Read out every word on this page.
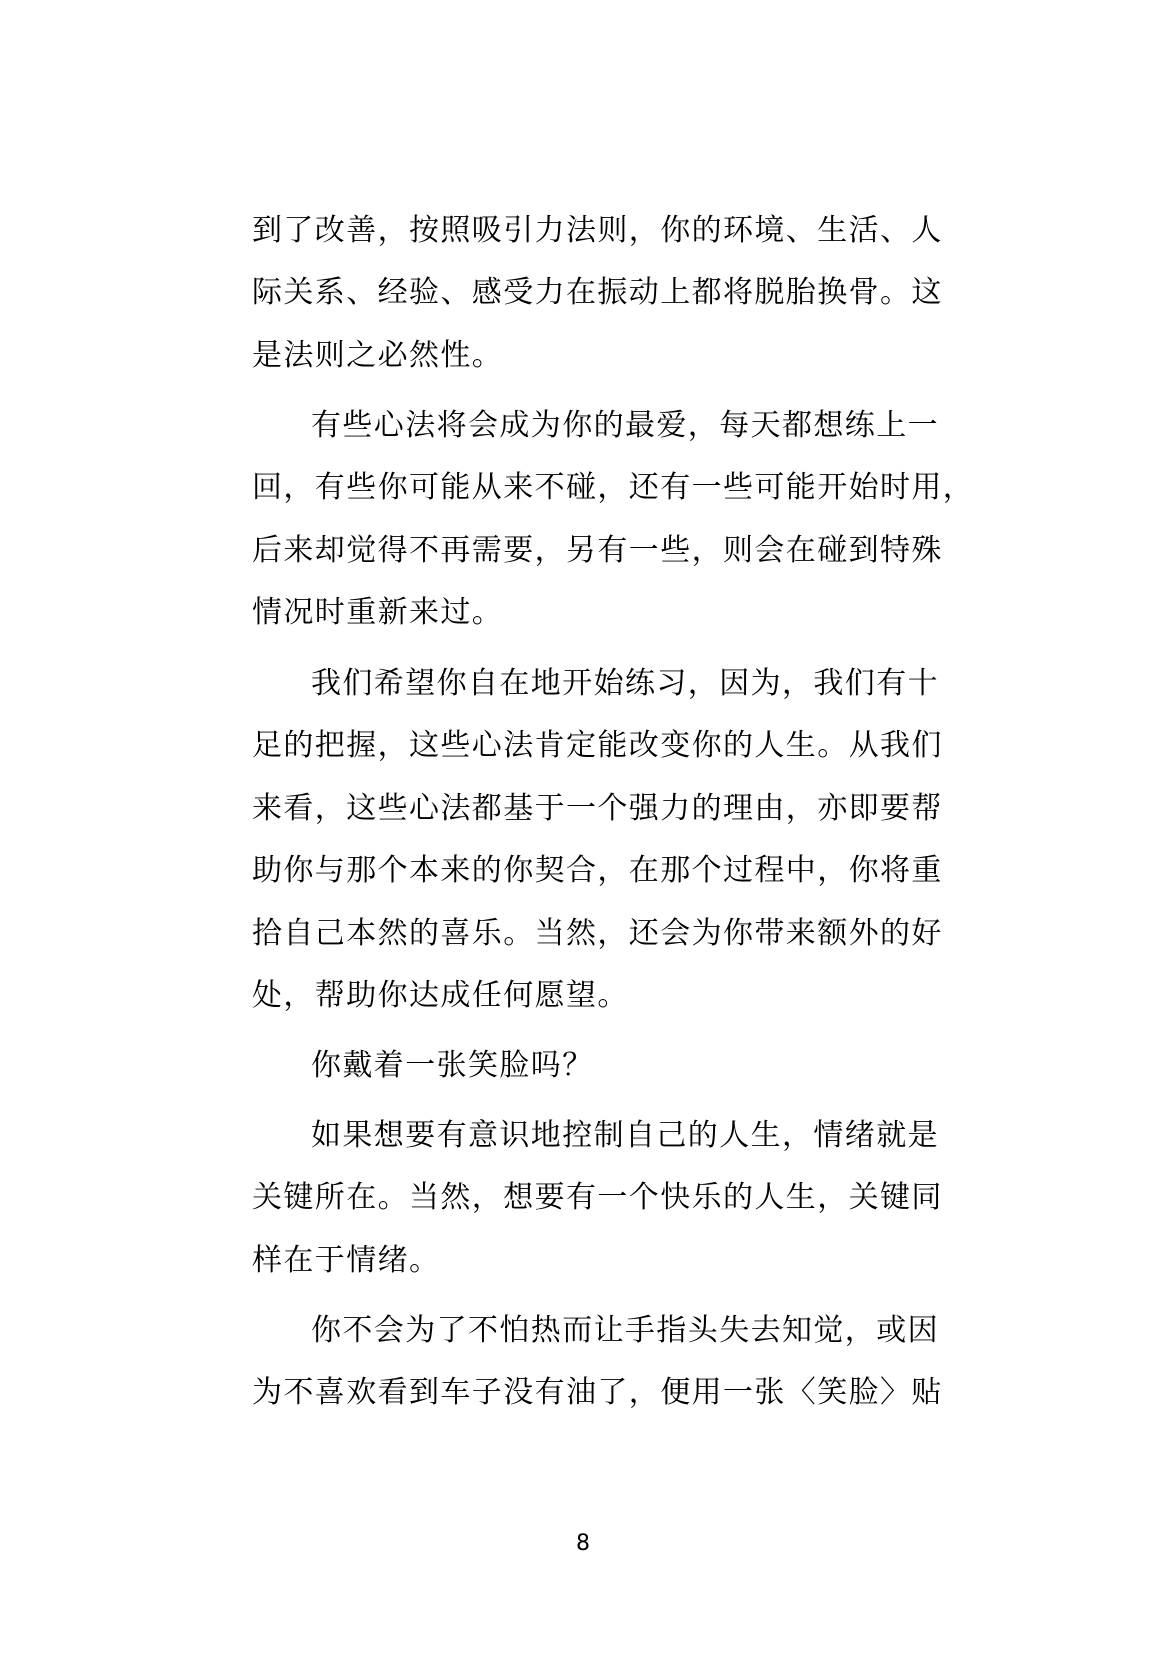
到了改善，按照吸引力法则，你的环境、生活、人
际关系、经验、感受力在振动上都将脱胎换骨。这
是法则之必然性。
有些心法将会成为你的最爱，每天都想练上一
回，有些你可能从来不碰，还有一些可能开始时用，
后来却觉得不再需要，另有一些，则会在碰到特殊
情况时重新来过。
我们希望你自在地开始练习，因为，我们有十
足的把握，这些心法肯定能改变你的人生。从我们
来看，这些心法都基于一个强力的理由，亦即要帮
助你与那个本来的你契合，在那个过程中，你将重
拾自己本然的喜乐。当然，还会为你带来额外的好
处，帮助你达成任何愿望。
你戴着一张笑脸吗？
如果想要有意识地控制自己的人生，情绪就是
关键所在。当然，想要有一个快乐的人生，关键同
样在于情绪。
你不会为了不怕热而让手指头失去知觉，或因
为不喜欢看到车子没有油了，便用一张〈笑脸〉贴
8
